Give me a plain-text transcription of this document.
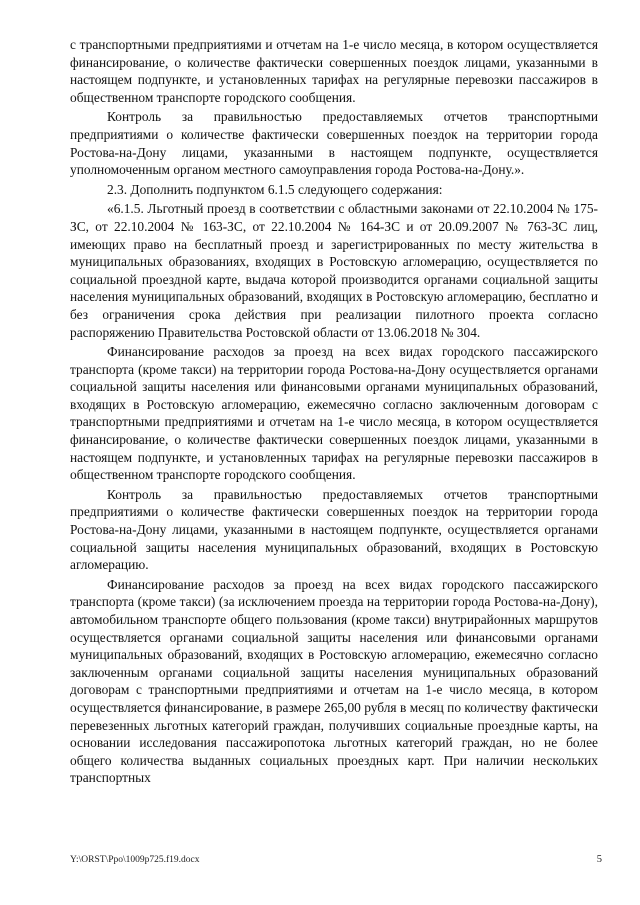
с транспортными предприятиями и отчетам на 1-е число месяца, в котором осуществляется финансирование, о количестве фактически совершенных поездок лицами, указанными в настоящем подпункте, и установленных тарифах на регулярные перевозки пассажиров в общественном транспорте городского сообщения.

Контроль за правильностью предоставляемых отчетов транспортными предприятиями о количестве фактически совершенных поездок на территории города Ростова-на-Дону лицами, указанными в настоящем подпункте, осуществляется уполномоченным органом местного самоуправления города Ростова-на-Дону.».

2.3. Дополнить подпунктом 6.1.5 следующего содержания:

«6.1.5. Льготный проезд в соответствии с областными законами от 22.10.2004 № 175-ЗС, от 22.10.2004 № 163-ЗС, от 22.10.2004 № 164-ЗС и от 20.09.2007 № 763-ЗС лиц, имеющих право на бесплатный проезд и зарегистрированных по месту жительства в муниципальных образованиях, входящих в Ростовскую агломерацию, осуществляется по социальной проездной карте, выдача которой производится органами социальной защиты населения муниципальных образований, входящих в Ростовскую агломерацию, бесплатно и без ограничения срока действия при реализации пилотного проекта согласно распоряжению Правительства Ростовской области от 13.06.2018 № 304.

Финансирование расходов за проезд на всех видах городского пассажирского транспорта (кроме такси) на территории города Ростова-на-Дону осуществляется органами социальной защиты населения или финансовыми органами муниципальных образований, входящих в Ростовскую агломерацию, ежемесячно согласно заключенным договорам с транспортными предприятиями и отчетам на 1-е число месяца, в котором осуществляется финансирование, о количестве фактически совершенных поездок лицами, указанными в настоящем подпункте, и установленных тарифах на регулярные перевозки пассажиров в общественном транспорте городского сообщения.

Контроль за правильностью предоставляемых отчетов транспортными предприятиями о количестве фактически совершенных поездок на территории города Ростова-на-Дону лицами, указанными в настоящем подпункте, осуществляется органами социальной защиты населения муниципальных образований, входящих в Ростовскую агломерацию.

Финансирование расходов за проезд на всех видах городского пассажирского транспорта (кроме такси) (за исключением проезда на территории города Ростова-на-Дону), автомобильном транспорте общего пользования (кроме такси) внутрирайонных маршрутов осуществляется органами социальной защиты населения или финансовыми органами муниципальных образований, входящих в Ростовскую агломерацию, ежемесячно согласно заключенным органами социальной защиты населения муниципальных образований договорам с транспортными предприятиями и отчетам на 1-е число месяца, в котором осуществляется финансирование, в размере 265,00 рубля в месяц по количеству фактически перевезенных льготных категорий граждан, получивших социальные проездные карты, на основании исследования пассажиропотока льготных категорий граждан, но не более общего количества выданных социальных проездных карт. При наличии нескольких транспортных

Y:\ORST\Ppo\1009p725.f19.docx	5
